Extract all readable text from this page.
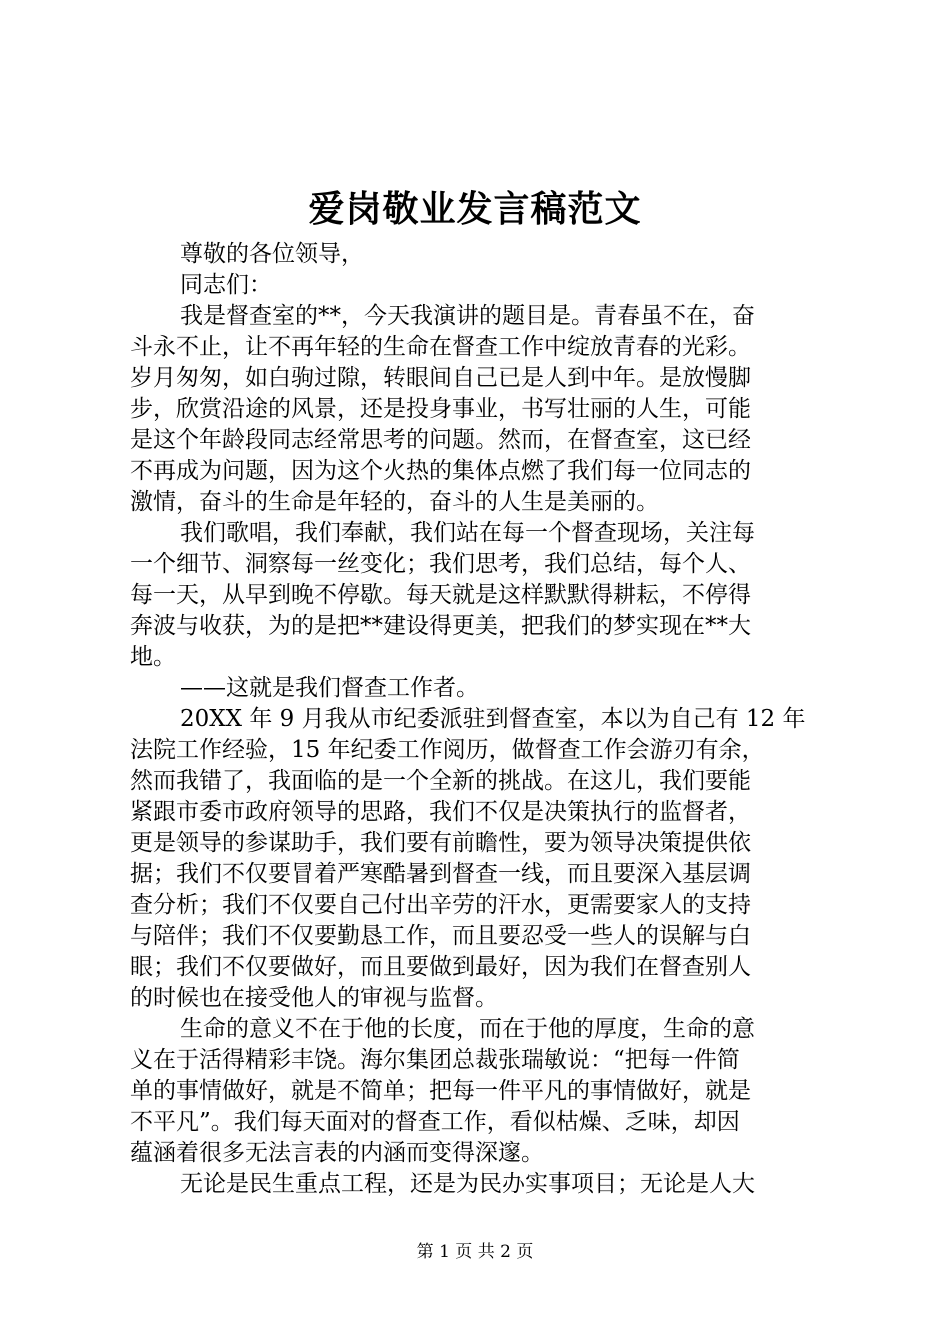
爱岗敬业发言稿范文
尊敬的各位领导，
同志们：
我是督查室的**，今天我演讲的题目是。青春虽不在，奋
斗永不止，让不再年轻的生命在督查工作中绽放青春的光彩。
岁月匆匆，如白驹过隙，转眼间自己已是人到中年。是放慢脚
步，欣赏沿途的风景，还是投身事业，书写壮丽的人生，可能
是这个年龄段同志经常思考的问题。然而，在督查室，这已经
不再成为问题，因为这个火热的集体点燃了我们每一位同志的
激情，奋斗的生命是年轻的，奋斗的人生是美丽的。
我们歌唱，我们奉献，我们站在每一个督查现场，关注每
一个细节、洞察每一丝变化；我们思考，我们总结，每个人、
每一天，从早到晚不停歇。每天就是这样默默得耕耘，不停得
奔波与收获，为的是把**建设得更美，把我们的梦实现在**大
地。
——这就是我们督查工作者。
20XX 年 9 月我从市纪委派驻到督查室，本以为自己有 12 年
法院工作经验，15 年纪委工作阅历，做督查工作会游刃有余，
然而我错了，我面临的是一个全新的挑战。在这儿，我们要能
紧跟市委市政府领导的思路，我们不仅是决策执行的监督者，
更是领导的参谋助手，我们要有前瞻性，要为领导决策提供依
据；我们不仅要冒着严寒酷暑到督查一线，而且要深入基层调
查分析；我们不仅要自己付出辛劳的汗水，更需要家人的支持
与陪伴；我们不仅要勤恳工作，而且要忍受一些人的误解与白
眼；我们不仅要做好，而且要做到最好，因为我们在督查别人
的时候也在接受他人的审视与监督。
生命的意义不在于他的长度，而在于他的厚度，生命的意
义在于活得精彩丰饶。海尔集团总裁张瑞敏说：“把每一件简
单的事情做好，就是不简单；把每一件平凡的事情做好，就是
不平凡”。我们每天面对的督查工作，看似枯燥、乏味，却因
蕴涵着很多无法言表的内涵而变得深邃。
无论是民生重点工程，还是为民办实事项目；无论是人大
第 1 页 共 2 页
